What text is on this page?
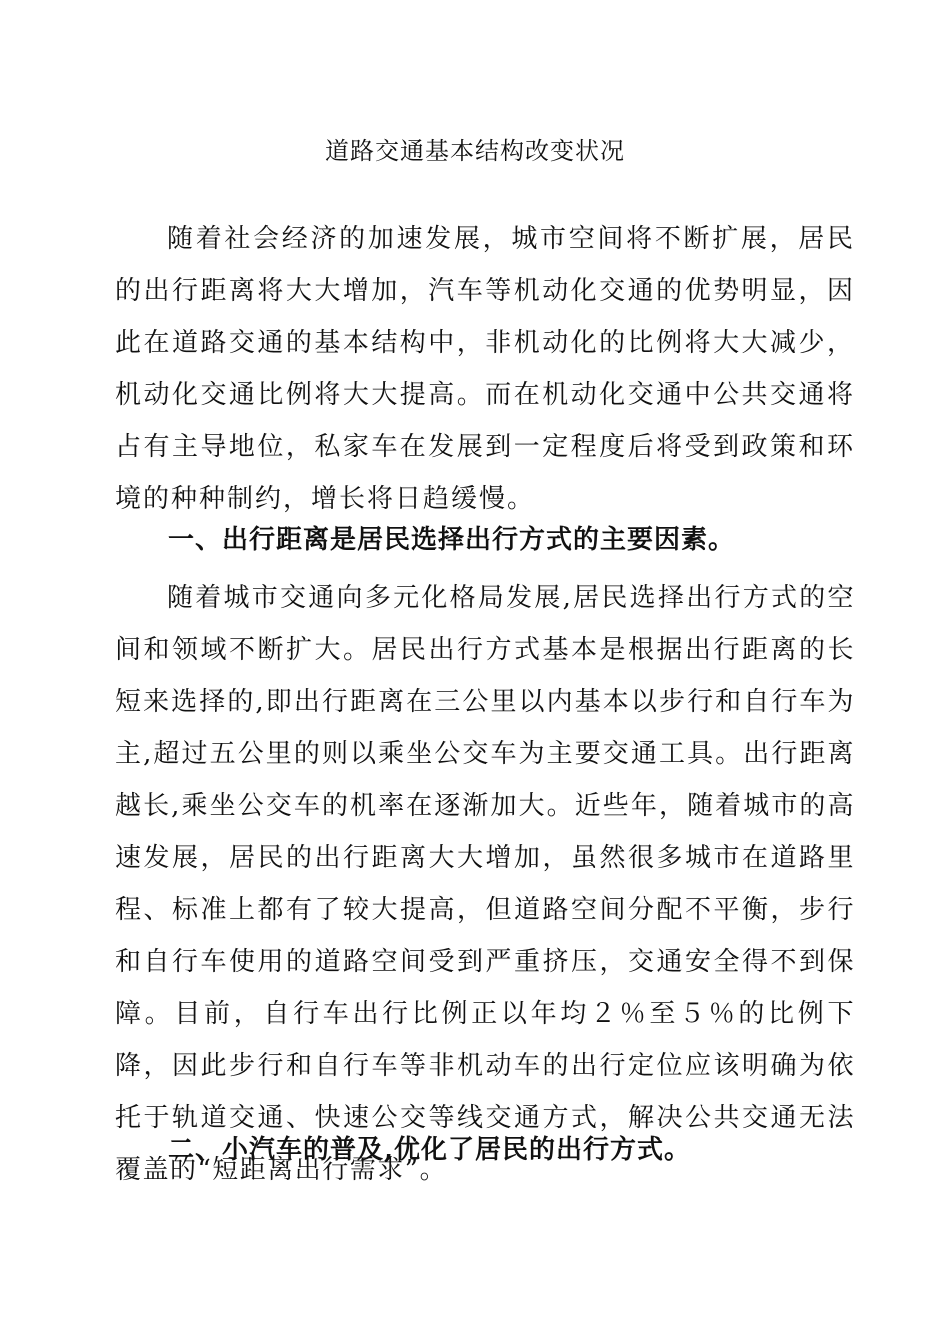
道路交通基本结构改变状况

随着社会经济的加速发展，城市空间将不断扩展，居民的出行距离将大大增加，汽车等机动化交通的优势明显，因此在道路交通的基本结构中，非机动化的比例将大大减少，机动化交通比例将大大提高。而在机动化交通中公共交通将占有主导地位，私家车在发展到一定程度后将受到政策和环境的种种制约，增长将日趋缓慢。

一、出行距离是居民选择出行方式的主要因素。

随着城市交通向多元化格局发展,居民选择出行方式的空间和领域不断扩大。居民出行方式基本是根据出行距离的长短来选择的,即出行距离在三公里以内基本以步行和自行车为主,超过五公里的则以乘坐公交车为主要交通工具。出行距离越长,乘坐公交车的机率在逐渐加大。近些年，随着城市的高速发展，居民的出行距离大大增加，虽然很多城市在道路里程、标准上都有了较大提高，但道路空间分配不平衡，步行和自行车使用的道路空间受到严重挤压，交通安全得不到保障。目前，自行车出行比例正以年均２％至５％的比例下降，因此步行和自行车等非机动车的出行定位应该明确为依托于轨道交通、快速公交等线交通方式，解决公共交通无法覆盖的“短距离出行需求”。

二、小汽车的普及,优化了居民的出行方式。
